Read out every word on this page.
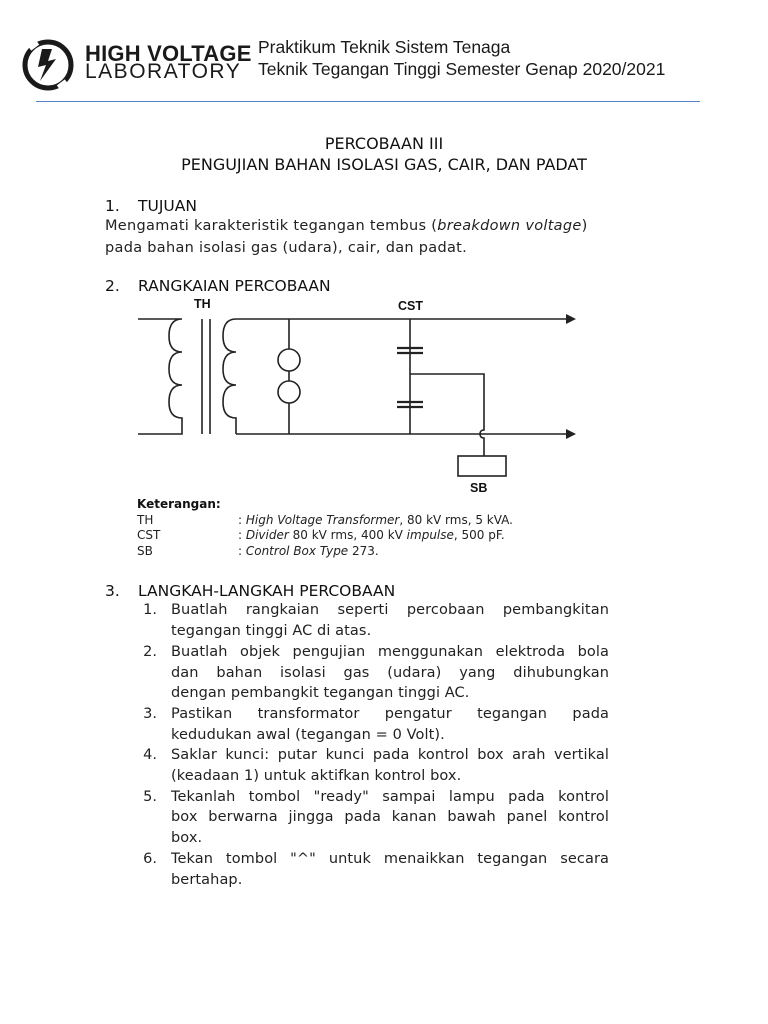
HIGH VOLTAGE
LABORATORY
Praktikum Teknik Sistem Tenaga
Teknik Tegangan Tinggi Semester Genap 2020/2021
PERCOBAAN III
PENGUJIAN BAHAN ISOLASI GAS, CAIR, DAN PADAT
1. TUJUAN
Mengamati karakteristik tegangan tembus (breakdown voltage)
pada bahan isolasi gas (udara), cair, dan padat.
2. RANGKAIAN PERCOBAAN
TH	CST
SB
Keterangan:
TH	: High Voltage Transformer, 80 kV rms, 5 kVA.
CST	: Divider 80 kV rms, 400 kV impulse, 500 pF.
SB	: Control Box Type 273.
3. LANGKAH-LANGKAH PERCOBAAN
1. Buatlah rangkaian seperti percobaan pembangkitan
tegangan tinggi AC di atas.
2. Buatlah objek pengujian menggunakan elektroda bola
dan bahan isolasi gas (udara) yang dihubungkan
dengan pembangkit tegangan tinggi AC.
3. Pastikan transformator pengatur tegangan pada
kedudukan awal (tegangan = 0 Volt).
4. Saklar kunci: putar kunci pada kontrol box arah vertikal
(keadaan 1) untuk aktifkan kontrol box.
5. Tekanlah tombol "ready" sampai lampu pada kontrol
box berwarna jingga pada kanan bawah panel kontrol
box.
6. Tekan tombol "^" untuk menaikkan tegangan secara
bertahap.
